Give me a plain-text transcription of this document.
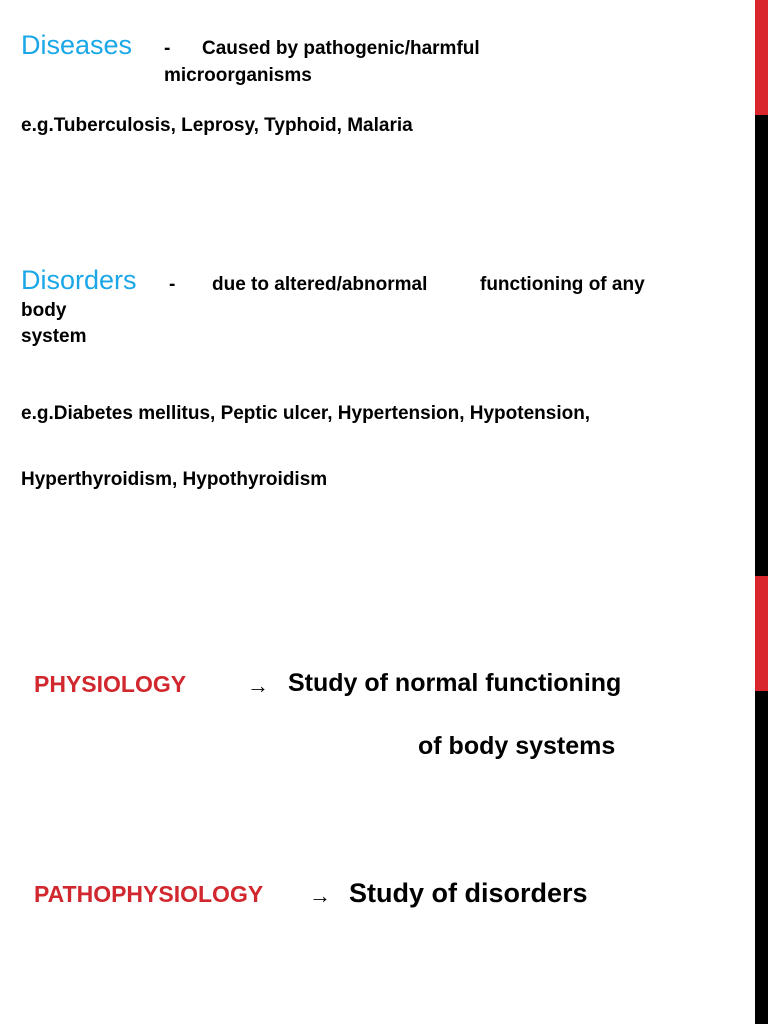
Diseases - Caused by pathogenic/harmful
microorganisms
e.g.Tuberculosis, Leprosy, Typhoid, Malaria
Disorders - due to altered/abnormal	functioning of any
body
system
e.g.Diabetes mellitus, Peptic ulcer, Hypertension, Hypotension,
Hyperthyroidism, Hypothyroidism
PHYSIOLOGY	→ Study of normal functioning
of body systems
PATHOPHYSIOLOGY → Study of disorders
